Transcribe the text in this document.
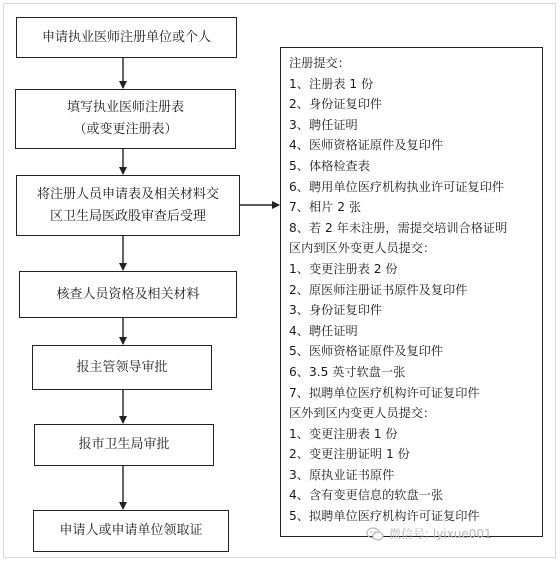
申请执业医师注册单位或个人
填写执业医师注册表
（或变更注册表）
将注册人员申请表及相关材料交
区卫生局医政股审查后受理
核查人员资格及相关材料
报主管领导审批
报市卫生局审批
申请人或申请单位领取证
注册提交：
1、注册表 1 份
2、身份证复印件
3、聘任证明
4、医师资格证原件及复印件
5、体格检查表
6、聘用单位医疗机构执业许可证复印件
7、相片 2 张
8、若 2 年未注册，需提交培训合格证明
区内到区外变更人员提交：
1、变更注册表 2 份
2、原医师注册证书原件及复印件
3、身份证复印件
4、聘任证明
5、医师资格证原件及复印件
6、3.5 英寸软盘一张
7、拟聘单位医疗机构许可证复印件
区外到区内变更人员提交：
1、变更注册表 1 份
2、变更注册证明 1 份
3、原执业证书原件
4、含有变更信息的软盘一张
5、拟聘单位医疗机构许可证复印件
微信号: lyixue001
